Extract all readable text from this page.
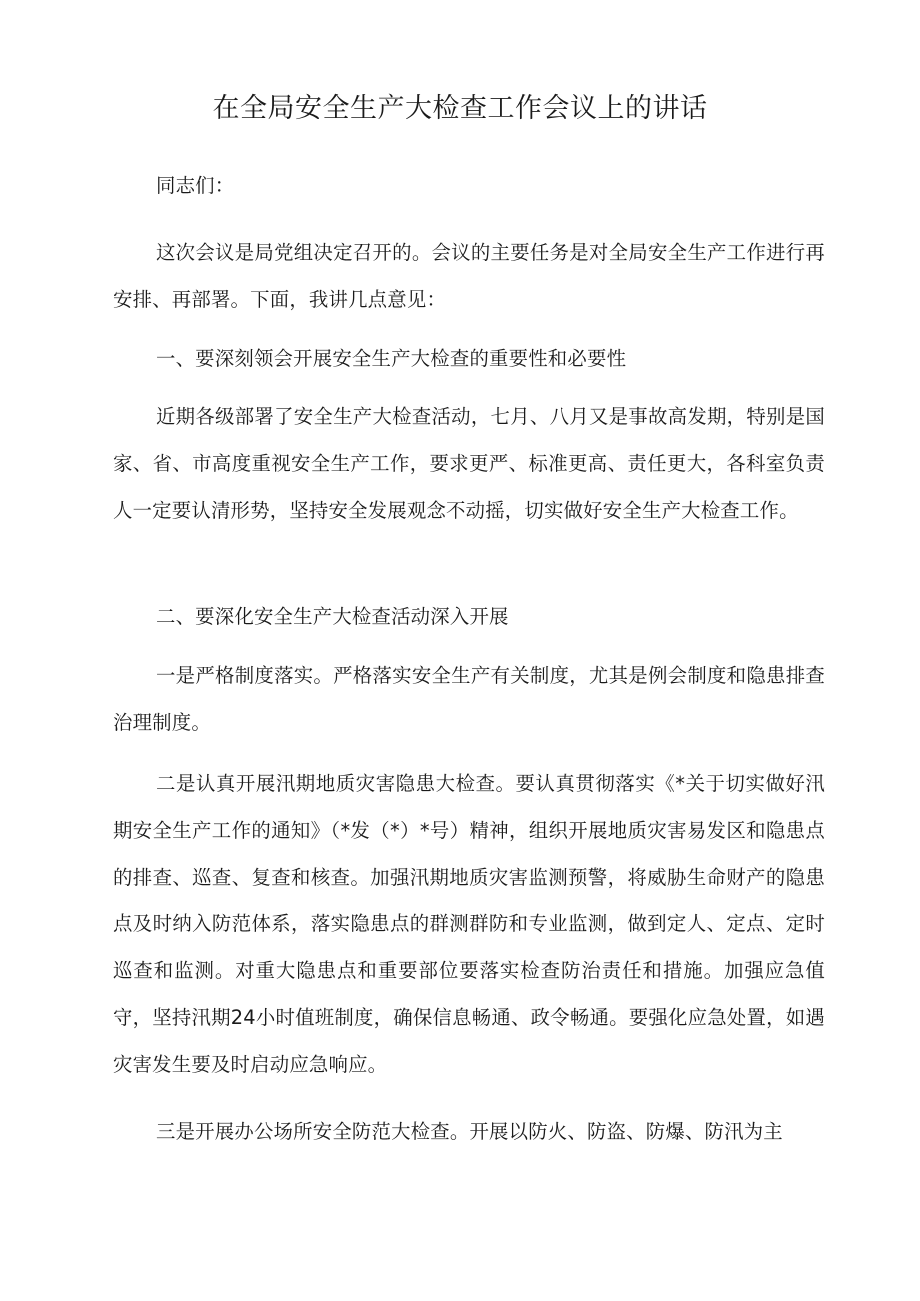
在全局安全生产大检查工作会议上的讲话

同志们：

这次会议是局党组决定召开的。会议的主要任务是对全局安全生产工作进行再安排、再部署。下面，我讲几点意见：

一、要深刻领会开展安全生产大检查的重要性和必要性

近期各级部署了安全生产大检查活动，七月、八月又是事故高发期，特别是国家、省、市高度重视安全生产工作，要求更严、标准更高、责任更大，各科室负责人一定要认清形势，坚持安全发展观念不动摇，切实做好安全生产大检查工作。

二、要深化安全生产大检查活动深入开展

一是严格制度落实。严格落实安全生产有关制度，尤其是例会制度和隐患排查治理制度。

二是认真开展汛期地质灾害隐患大检查。要认真贯彻落实《*关于切实做好汛期安全生产工作的通知》（*发（*）*号）精神，组织开展地质灾害易发区和隐患点的排查、巡查、复查和核查。加强汛期地质灾害监测预警，将威胁生命财产的隐患点及时纳入防范体系，落实隐患点的群测群防和专业监测，做到定人、定点、定时巡查和监测。对重大隐患点和重要部位要落实检查防治责任和措施。加强应急值守，坚持汛期24小时值班制度，确保信息畅通、政令畅通。要强化应急处置，如遇灾害发生要及时启动应急响应。

三是开展办公场所安全防范大检查。开展以防火、防盗、防爆、防汛为主
